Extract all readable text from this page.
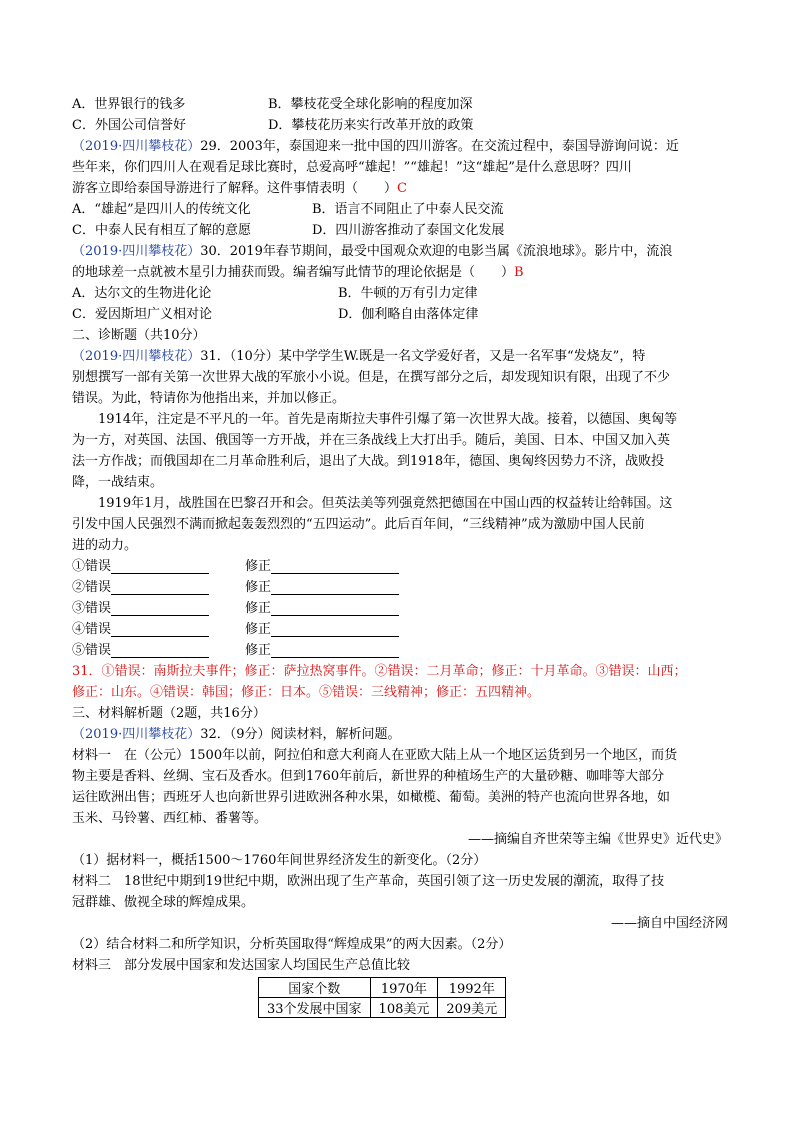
A．世界银行的钱多	B．攀枝花受全球化影响的程度加深
C．外国公司信誉好	D．攀枝花历来实行改革开放的政策
（2019·四川攀枝花）29．2003年，泰国迎来一批中国的四川游客。在交流过程中，泰国导游询问说：近
些年来，你们四川人在观看足球比赛时，总爱高呼“雄起！”“雄起！”这“雄起”是什么意思呀？四川
游客立即给泰国导游进行了解释。这件事情表明（　　）C
A．“雄起”是四川人的传统文化	B．语言不同阻止了中泰人民交流
C．中泰人民有相互了解的意愿	D．四川游客推动了泰国文化发展
（2019·四川攀枝花）30．2019年春节期间，最受中国观众欢迎的电影当属《流浪地球》。影片中，流浪
的地球差一点就被木星引力捕获而毁。编者编写此情节的理论依据是（　　）B
A．达尔文的生物进化论	B．牛顿的万有引力定律
C．爱因斯坦广义相对论	D．伽利略自由落体定律
二、诊断题（共10分）
（2019·四川攀枝花）31．（10分）某中学学生W.既是一名文学爱好者，又是一名军事“发烧友”，特
别想撰写一部有关第一次世界大战的军旅小小说。但是，在撰写部分之后，却发现知识有限，出现了不少
错误。为此，特请你为他指出来，并加以修正。
1914年，注定是不平凡的一年。首先是南斯拉夫事件引爆了第一次世界大战。接着，以德国、奥匈等
为一方，对英国、法国、俄国等一方开战，并在三条战线上大打出手。随后，美国、日本、中国又加入英
法一方作战；而俄国却在二月革命胜利后，退出了大战。到1918年，德国、奥匈终因势力不济，战败投
降，一战结束。
1919年1月，战胜国在巴黎召开和会。但英法美等列强竟然把德国在中国山西的权益转让给韩国。这
引发中国人民强烈不满而掀起轰轰烈烈的“五四运动”。此后百年间，“三线精神”成为激励中国人民前
进的动力。
①错误	修正
②错误	修正
③错误	修正
④错误	修正
⑤错误	修正
31．①错误：南斯拉夫事件；修正：萨拉热窝事件。②错误：二月革命；修正：十月革命。③错误：山西；
修正：山东。④错误：韩国；修正：日本。⑤错误：三线精神；修正：五四精神。
三、材料解析题（2题，共16分）
（2019·四川攀枝花）32．（9分）阅读材料，解析问题。
材料一　在（公元）1500年以前，阿拉伯和意大利商人在亚欧大陆上从一个地区运货到另一个地区，而货
物主要是香料、丝绸、宝石及香水。但到1760年前后，新世界的种植场生产的大量砂糖、咖啡等大部分
运往欧洲出售；西班牙人也向新世界引进欧洲各种水果，如橄榄、葡萄。美洲的特产也流向世界各地，如
玉米、马铃薯、西红柿、番薯等。
——摘编自齐世荣等主编《世界史》近代史》
（1）据材料一，概括1500～1760年间世界经济发生的新变化。（2分）
材料二　18世纪中期到19世纪中期，欧洲出现了生产革命，英国引领了这一历史发展的潮流，取得了技
冠群雄、傲视全球的辉煌成果。
——摘自中国经济网
（2）结合材料二和所学知识，分析英国取得“辉煌成果”的两大因素。（2分）
材料三　部分发展中国家和发达国家人均国民生产总值比较
国家个数	1970年	1992年
33个发展中国家	108美元	209美元
